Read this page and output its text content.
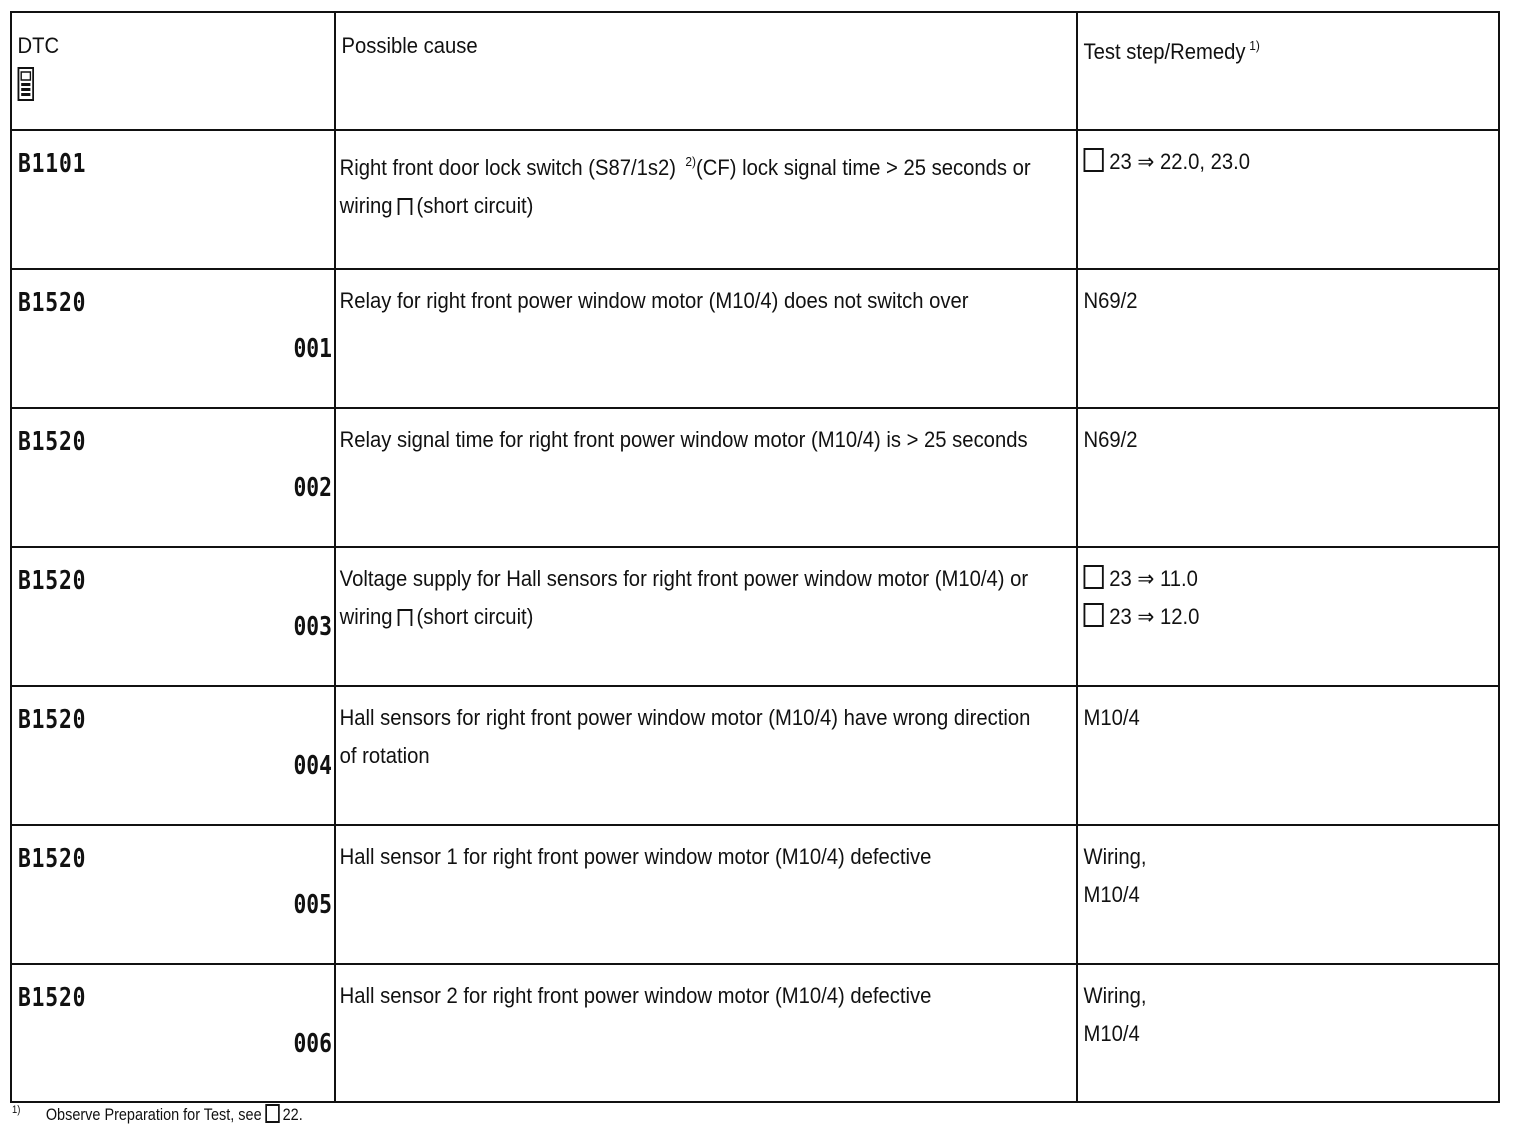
DTC	Possible cause	Test step/Remedy $^{1)}$

B1101	Right front door lock switch (S87/1s2) $^{2)}$(CF) lock signal time > 25 seconds or
wiring (short circuit)	23 ⇒ 22.0, 23.0

B1520
001	Relay for right front power window motor (M10/4) does not switch over	N69/2

B1520
002	Relay signal time for right front power window motor (M10/4) is > 25 seconds	N69/2

B1520
003	Voltage supply for Hall sensors for right front power window motor (M10/4) or
wiring (short circuit)	23 ⇒ 11.0
23 ⇒ 12.0

B1520
004	Hall sensors for right front power window motor (M10/4) have wrong direction
of rotation	M10/4

B1520
005	Hall sensor 1 for right front power window motor (M10/4) defective	Wiring,
M10/4

B1520
006	Hall sensor 2 for right front power window motor (M10/4) defective	Wiring,
M10/4
$^{1)}$ Observe Preparation for Test, see 22.
